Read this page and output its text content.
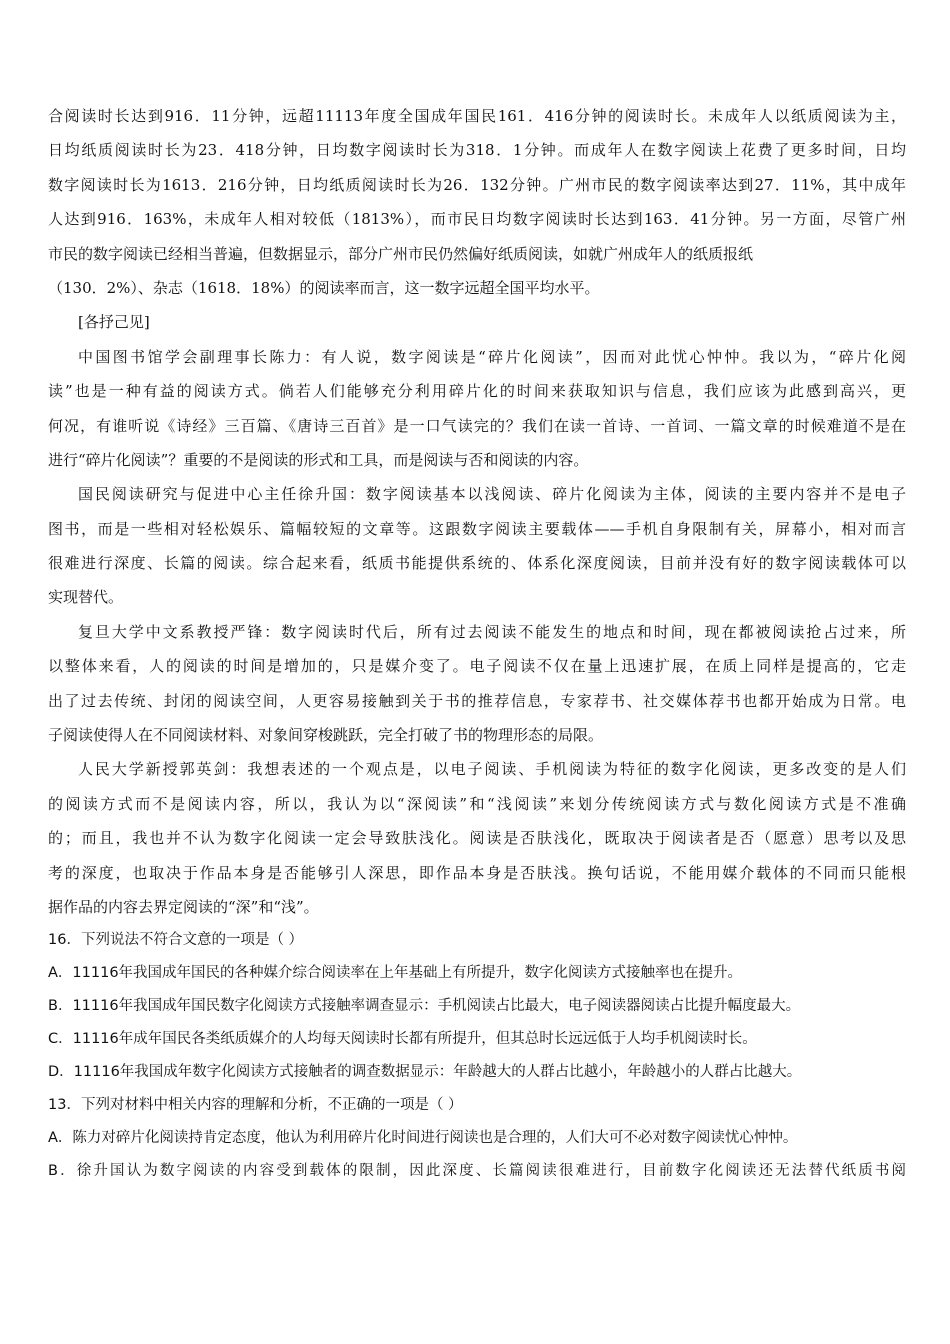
合阅读时长达到916．11分钟，远超11113年度全国成年国民161．416分钟的阅读时长。未成年人以纸质阅读为主，
日均纸质阅读时长为23．418分钟，日均数字阅读时长为318．1分钟。而成年人在数字阅读上花费了更多时间，日均
数字阅读时长为1613．216分钟，日均纸质阅读时长为26．132分钟。广州市民的数字阅读率达到27．11%，其中成年
人达到916．163%，未成年人相对较低（1813%），而市民日均数字阅读时长达到163．41分钟。另一方面，尽管广州
市民的数字阅读已经相当普遍，但数据显示，部分广州市民仍然偏好纸质阅读，如就广州成年人的纸质报纸
（130．2%）、杂志（1618．18%）的阅读率而言，这一数字远超全国平均水平。
[各抒己见]
中国图书馆学会副理事长陈力：有人说，数字阅读是“碎片化阅读”，因而对此忧心忡忡。我以为，“碎片化阅
读”也是一种有益的阅读方式。倘若人们能够充分利用碎片化的时间来获取知识与信息，我们应该为此感到高兴，更
何况，有谁听说《诗经》三百篇、《唐诗三百首》是一口气读完的？我们在读一首诗、一首词、一篇文章的时候难道不是在
进行“碎片化阅读”？重要的不是阅读的形式和工具，而是阅读与否和阅读的内容。
国民阅读研究与促进中心主任徐升国：数字阅读基本以浅阅读、碎片化阅读为主体，阅读的主要内容并不是电子
图书，而是一些相对轻松娱乐、篇幅较短的文章等。这跟数字阅读主要载体——手机自身限制有关，屏幕小，相对而言
很难进行深度、长篇的阅读。综合起来看，纸质书能提供系统的、体系化深度阅读，目前并没有好的数字阅读载体可以
实现替代。
复旦大学中文系教授严锋：数字阅读时代后，所有过去阅读不能发生的地点和时间，现在都被阅读抢占过来，所
以整体来看，人的阅读的时间是增加的，只是媒介变了。电子阅读不仅在量上迅速扩展，在质上同样是提高的，它走
出了过去传统、封闭的阅读空间，人更容易接触到关于书的推荐信息，专家荐书、社交媒体荐书也都开始成为日常。电
子阅读使得人在不同阅读材料、对象间穿梭跳跃，完全打破了书的物理形态的局限。
人民大学新授郭英剑：我想表述的一个观点是，以电子阅读、手机阅读为特征的数字化阅读，更多改变的是人们
的阅读方式而不是阅读内容，所以，我认为以“深阅读”和“浅阅读”来划分传统阅读方式与数化阅读方式是不准确
的；而且，我也并不认为数字化阅读一定会导致肤浅化。阅读是否肤浅化，既取决于阅读者是否（愿意）思考以及思
考的深度，也取决于作品本身是否能够引人深思，即作品本身是否肤浅。换句话说，不能用媒介载体的不同而只能根
据作品的内容去界定阅读的“深”和“浅”。
16．下列说法不符合文意的一项是（ ）
A．11116年我国成年国民的各种媒介综合阅读率在上年基础上有所提升，数字化阅读方式接触率也在提升。
B．11116年我国成年国民数字化阅读方式接触率调查显示：手机阅读占比最大，电子阅读器阅读占比提升幅度最大。
C．11116年成年国民各类纸质媒介的人均每天阅读时长都有所提升，但其总时长远远低于人均手机阅读时长。
D．11116年我国成年数字化阅读方式接触者的调查数据显示：年龄越大的人群占比越小，年龄越小的人群占比越大。
13．下列对材料中相关内容的理解和分析，不正确的一项是（ ）
A．陈力对碎片化阅读持肯定态度，他认为利用碎片化时间进行阅读也是合理的，人们大可不必对数字阅读忧心忡忡。
B．徐升国认为数字阅读的内容受到载体的限制，因此深度、长篇阅读很难进行，目前数字化阅读还无法替代纸质书阅
